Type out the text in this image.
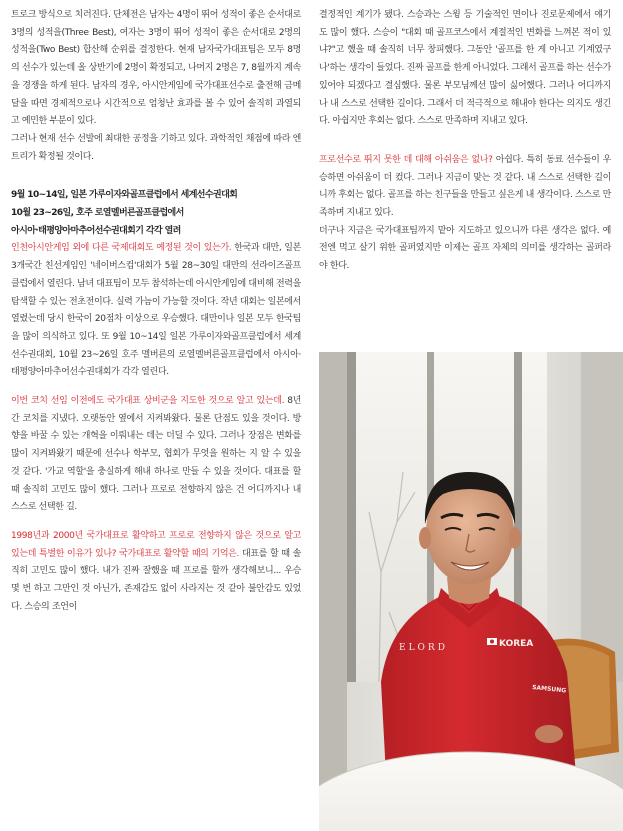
트로크 방식으로 치러진다. 단체전은 남자는 4명이 뛰어 성적이 좋은 순서대로 3명의 성적을(Three Best), 여자는 3명이 뛰어 성적이 좋은 순서대로 2명의 성적을(Two Best) 합산해 순위를 결정한다. 현재 남자국가대표팀은 모두 8명의 선수가 있는데 올 상반기에 2명이 확정되고, 나머지 2명은 7, 8월까지 계속을 경쟁을 하게 된다. 남자의 경우, 아시안게임에 국가대표선수로 출전해 금메달을 따면 경제적으로나 시간적으로 엄청난 효과를 볼 수 있어 솔직히 과열되고 예민한 부분이 있다.

그러나 현재 선수 선발에 최대한 공정을 기하고 있다. 과학적인 채점에 따라 엔트리가 확정될 것이다.

9월 10~14일, 일본 가루이자와골프클럽에서 세계선수권대회
10월 23~26일, 호주 로열멜버른골프클럽에서
아시아·태평양아마추어선수권대회기 각각 열려

인천아시안게임 외에 다른 국제대회도 예정된 것이 있는가. 한국과 대만, 일본 3개국간 친선게임인 '네이버스컵'대회가 5월 28~30일 대만의 선라이즈골프클럽에서 열린다. 남녀 대표팀이 모두 참석하는데 아시안게임에 대비해 전력을 탐색할 수 있는 전초전이다. 실력 가늠이 가능할 것이다. 작년 대회는 일본에서 열렸는데 당시 한국이 20점차 이상으로 우승했다. 대만이나 일본 모두 한국팀을 많이 의식하고 있다. 또 9월 10~14일 일본 가루이자와골프클럽에서 세계선수권대회, 10월 23~26일 호주 멜버른의 로열멜버른골프클럽에서 아시아·태평양아마추어선수권대회가 각각 열린다.

이번 코치 선임 이전에도 국가대표 상비군을 지도한 것으로 알고 있는데. 8년간 코치를 지냈다. 오랫동안 옆에서 지켜봐왔다. 물론 단점도 있을 것이다. 방향을 바꿀 수 있는 개혁을 이뤄내는 데는 더딜 수 있다. 그러나 장점은 변화를 많이 지켜봐왔기 때문에 선수나 학부모, 협회가 무엇을 원하는 지 알 수 있을 것 같다. '가교 역할'을 충실하게 해내 하나로 만들 수 있을 것이다. 대표를 할 때 솔직히 고민도 많이 했다. 그러나 프로로 전향하지 않은 건 어디까지나 내 스스로 선택한 길.

1998년과 2000년 국가대표로 활약하고 프로로 전향하지 않은 것으로 알고 있는데 특별한 이유가 있나? 국가대표로 활약할 때의 기억은. 대표를 할 때 솔직히 고민도 많이 했다. 내가 진짜 잘했을 때 프로를 할까 생각해보니... 우승 몇 번 하고 그만인 것 아닌가, 존재감도 없이 사라지는 것 같아 불안감도 있었다. 스승의 조언이

결정적인 계기가 됐다. 스승과는 스윙 등 기술적인 면이나 진로문제에서 얘기도 많이 했다. 스승이 "대회 때 골프코스에서 계절적인 변화를 느껴본 적이 있냐?"고 했을 때 솔직히 너무 창피했다. 그동안 '골프를 한 게 아니고 기계였구나'하는 생각이 들었다. 진짜 골프를 한게 아니었다. 그래서 골프를 하는 선수가 있어야 되겠다고 결심했다. 물론 부모님께선 많이 싫어했다. 그러나 어디까지나 내 스스로 선택한 길이다. 그래서 더 적극적으로 해내야 한다는 의지도 생긴다. 아쉽지만 후회는 없다. 스스로 만족하며 지내고 있다.

프로선수로 뛰지 못한 데 대해 아쉬움은 없나? 아쉽다. 특히 동료 선수들이 우승하면 아쉬움이 더 컸다. 그러나 지금이 맞는 것 같다. 내 스스로 선택한 길이니까 후회는 없다. 골프를 하는 친구들을 만들고 싶은게 내 생각이다. 스스로 만족하며 지내고 있다.

더구나 지금은 국가대표팀까지 맡아 지도하고 있으니까 다른 생각은 없다. 예전엔 먹고 살기 위한 골퍼였지만 이제는 골프 자체의 의미를 생각하는 골퍼라야 한다.

ELORD	KOREA
SAMSUNG
